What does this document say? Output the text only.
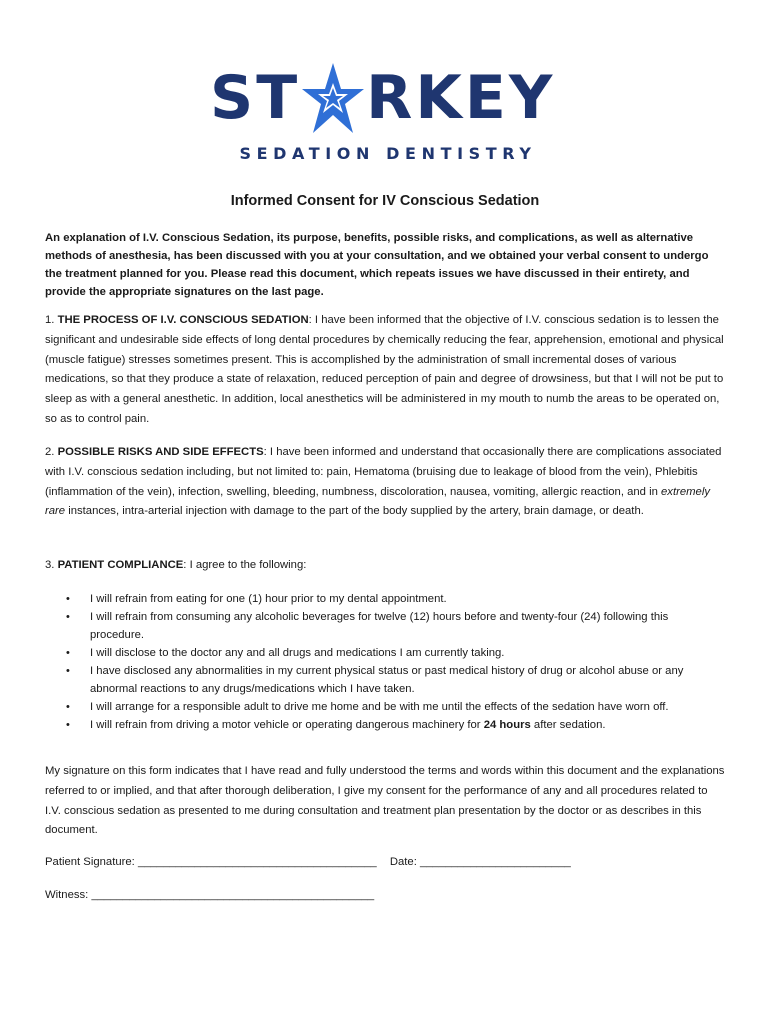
ST RKEY
SEDATION DENTISTRY
Informed Consent for IV Conscious Sedation
An explanation of I.V. Conscious Sedation, its purpose, benefits, possible risks, and complications, as well as alternative methods of anesthesia, has been discussed with you at your consultation, and we obtained your verbal consent to undergo the treatment planned for you. Please read this document, which repeats issues we have discussed in their entirety, and provide the appropriate signatures on the last page.
1. THE PROCESS OF I.V. CONSCIOUS SEDATION: I have been informed that the objective of I.V. conscious sedation is to lessen the significant and undesirable side effects of long dental procedures by chemically reducing the fear, apprehension, emotional and physical (muscle fatigue) stresses sometimes present. This is accomplished by the administration of small incremental doses of various medications, so that they produce a state of relaxation, reduced perception of pain and degree of drowsiness, but that I will not be put to sleep as with a general anesthetic. In addition, local anesthetics will be administered in my mouth to numb the areas to be operated on, so as to control pain.
2. POSSIBLE RISKS AND SIDE EFFECTS: I have been informed and understand that occasionally there are complications associated with I.V. conscious sedation including, but not limited to: pain, Hematoma (bruising due to leakage of blood from the vein), Phlebitis (inflammation of the vein), infection, swelling, bleeding, numbness, discoloration, nausea, vomiting, allergic reaction, and in extremely rare instances, intra-arterial injection with damage to the part of the body supplied by the artery, brain damage, or death.
3. PATIENT COMPLIANCE: I agree to the following:
• I will refrain from eating for one (1) hour prior to my dental appointment.
• I will refrain from consuming any alcoholic beverages for twelve (12) hours before and twenty-four (24) following this procedure.
• I will disclose to the doctor any and all drugs and medications I am currently taking.
• I have disclosed any abnormalities in my current physical status or past medical history of drug or alcohol abuse or any abnormal reactions to any drugs/medications which I have taken.
• I will arrange for a responsible adult to drive me home and be with me until the effects of the sedation have worn off.
• I will refrain from driving a motor vehicle or operating dangerous machinery for 24 hours after sedation.
My signature on this form indicates that I have read and fully understood the terms and words within this document and the explanations referred to or implied, and that after thorough deliberation, I give my consent for the performance of any and all procedures related to I.V. conscious sedation as presented to me during consultation and treatment plan presentation by the doctor or as describes in this document.
Patient Signature: ______________________________________ Date: ________________________
Witness: _____________________________________________
